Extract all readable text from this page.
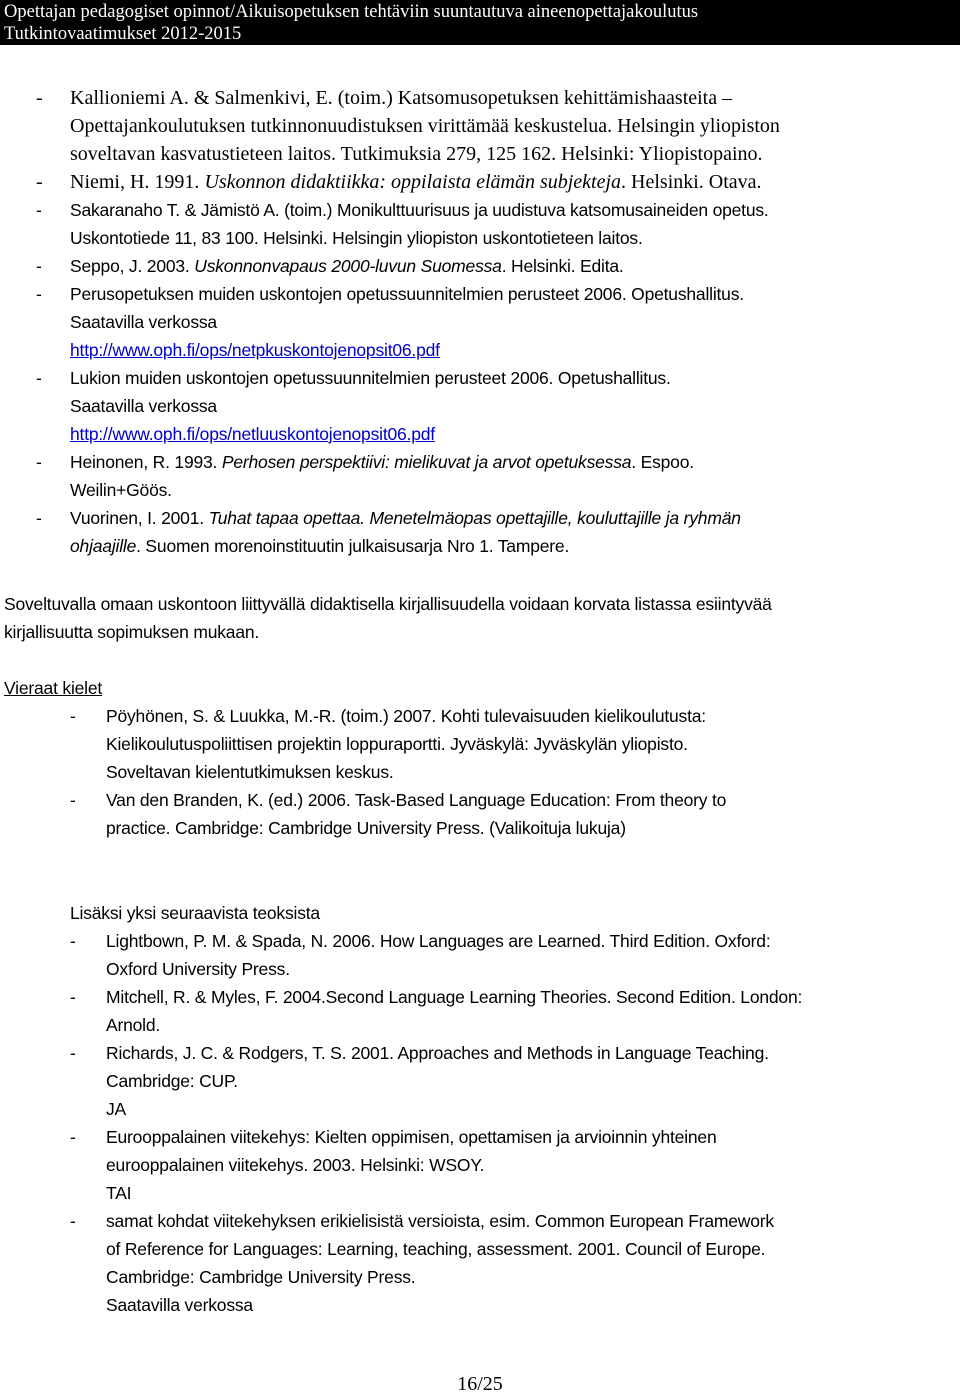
Opettajan pedagogiset opinnot/Aikuisopetuksen tehtäviin suuntautuva aineenopettajakoulutus
Tutkintovaatimukset 2012-2015
- Kallioniemi A. & Salmenkivi, E. (toim.) Katsomusopetuksen kehittämishaasteita –
Opettajankoulutuksen tutkinnonuudistuksen virittämää keskustelua. Helsingin yliopiston
soveltavan kasvatustieteen laitos. Tutkimuksia 279, 125 162. Helsinki: Yliopistopaino.
- Niemi, H. 1991. Uskonnon didaktiikka: oppilaista elämän subjekteja. Helsinki. Otava.
- Sakaranaho T. & Jämistö A. (toim.) Monikulttuurisuus ja uudistuva katsomusaineiden opetus.
Uskontotiede 11, 83 100. Helsinki. Helsingin yliopiston uskontotieteen laitos.
- Seppo, J. 2003. Uskonnonvapaus 2000-luvun Suomessa. Helsinki. Edita.
- Perusopetuksen muiden uskontojen opetussuunnitelmien perusteet 2006. Opetushallitus.
Saatavilla verkossa
http://www.oph.fi/ops/netpkuskontojenopsit06.pdf
- Lukion muiden uskontojen opetussuunnitelmien perusteet 2006. Opetushallitus.
Saatavilla verkossa
http://www.oph.fi/ops/netluuskontojenopsit06.pdf
- Heinonen, R. 1993. Perhosen perspektiivi: mielikuvat ja arvot opetuksessa. Espoo.
Weilin+Göös.
- Vuorinen, I. 2001. Tuhat tapaa opettaa. Menetelmäopas opettajille, kouluttajille ja ryhmän
ohjaajille. Suomen morenoinstituutin julkaisusarja Nro 1. Tampere.
Soveltuvalla omaan uskontoon liittyvällä didaktisella kirjallisuudella voidaan korvata listassa esiintyvää
kirjallisuutta sopimuksen mukaan.
Vieraat kielet
- Pöyhönen, S. & Luukka, M.-R. (toim.) 2007. Kohti tulevaisuuden kielikoulutusta:
Kielikoulutuspoliittisen projektin loppuraportti. Jyväskylä: Jyväskylän yliopisto.
Soveltavan kielentutkimuksen keskus.
- Van den Branden, K. (ed.) 2006. Task-Based Language Education: From theory to
practice. Cambridge: Cambridge University Press. (Valikoituja lukuja)
Lisäksi yksi seuraavista teoksista
- Lightbown, P. M. & Spada, N. 2006. How Languages are Learned. Third Edition. Oxford:
Oxford University Press.
- Mitchell, R. & Myles, F. 2004.Second Language Learning Theories. Second Edition. London:
Arnold.
- Richards, J. C. & Rodgers, T. S. 2001. Approaches and Methods in Language Teaching.
Cambridge: CUP.
JA
- Eurooppalainen viitekehys: Kielten oppimisen, opettamisen ja arvioinnin yhteinen
eurooppalainen viitekehys. 2003. Helsinki: WSOY.
TAI
- samat kohdat viitekehyksen erikielisistä versioista, esim. Common European Framework
of Reference for Languages: Learning, teaching, assessment. 2001. Council of Europe.
Cambridge: Cambridge University Press.
Saatavilla verkossa
16/25
